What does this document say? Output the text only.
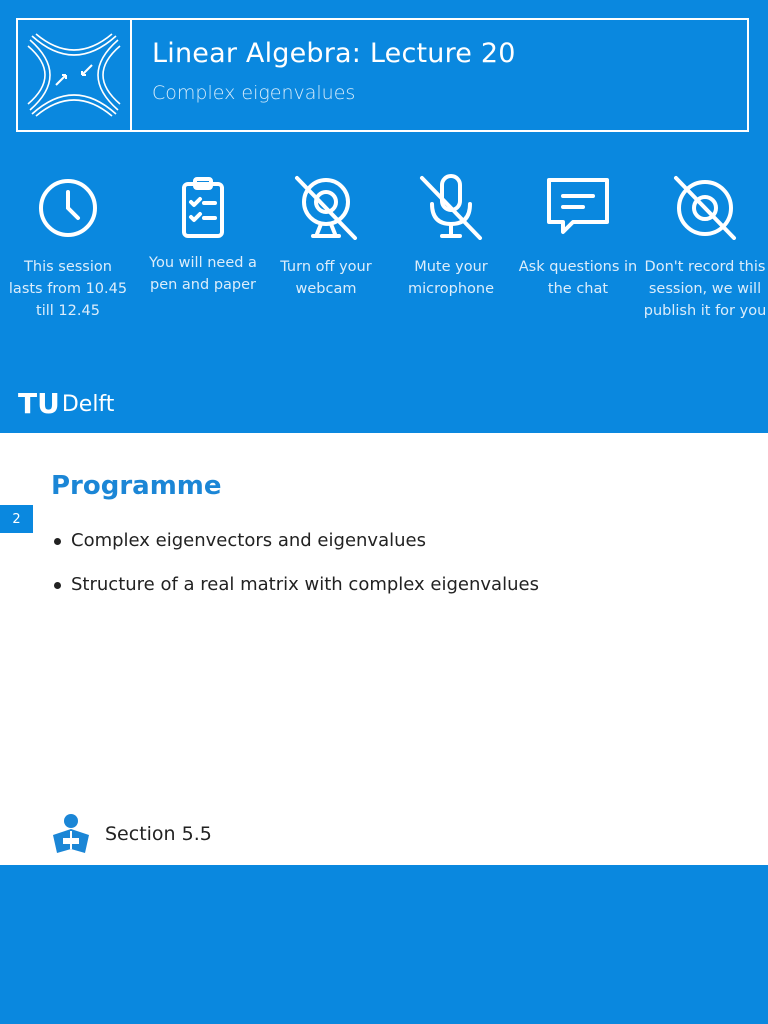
Linear Algebra: Lecture 20
Complex eigenvalues
This session lasts from 10.45 till 12.45
You will need a pen and paper
Turn off your webcam
Mute your microphone
Ask questions in the chat
Don't record this session, we will publish it for you
TU Delft
2
Programme
Complex eigenvectors and eigenvalues
Structure of a real matrix with complex eigenvalues
Section 5.5
